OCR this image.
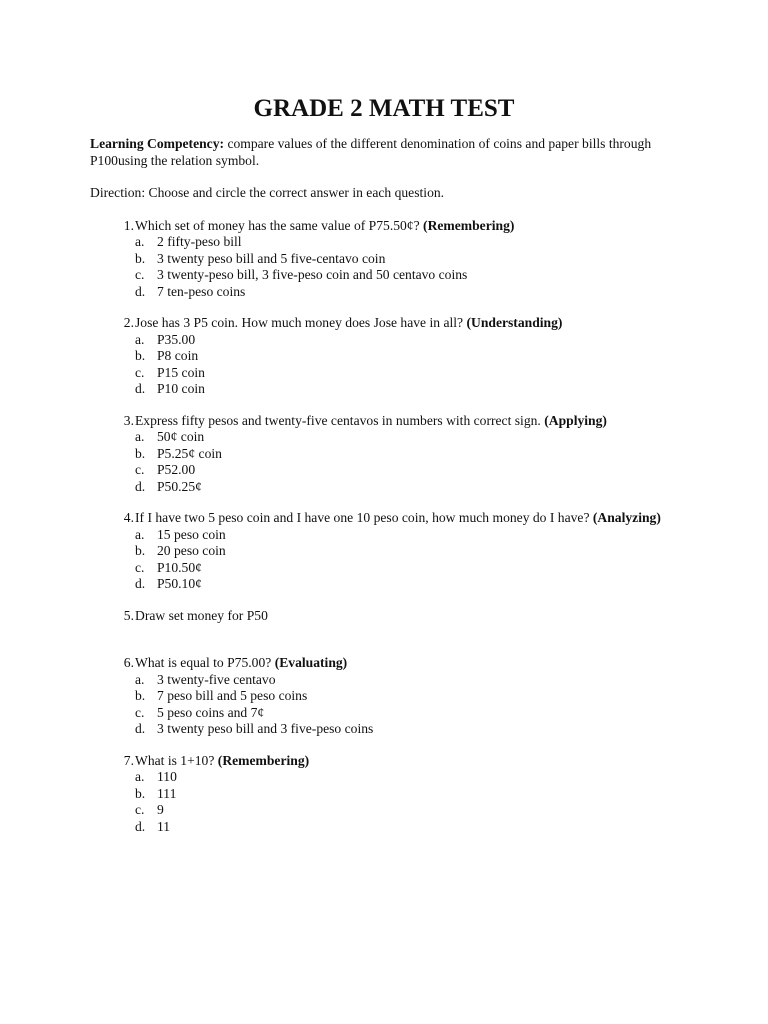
GRADE 2 MATH TEST

Learning Competency: compare values of the different denomination of coins and paper bills through P100using the relation symbol.

Direction: Choose and circle the correct answer in each question.

1. Which set of money has the same value of P75.50¢? (Remembering)
a. 2 fifty-peso bill
b. 3 twenty peso bill and 5 five-centavo coin
c. 3 twenty-peso bill, 3 five-peso coin and 50 centavo coins
d. 7 ten-peso coins
2. Jose has 3 P5 coin. How much money does Jose have in all? (Understanding)
a. P35.00
b. P8 coin
c. P15 coin
d. P10 coin
3. Express fifty pesos and twenty-five centavos in numbers with correct sign. (Applying)
a. 50¢ coin
b. P5.25¢ coin
c. P52.00
d. P50.25¢
4. If I have two 5 peso coin and I have one 10 peso coin, how much money do I have? (Analyzing)
a. 15 peso coin
b. 20 peso coin
c. P10.50¢
d. P50.10¢
5. Draw set money for P50
6. What is equal to P75.00? (Evaluating)
a. 3 twenty-five centavo
b. 7 peso bill and 5 peso coins
c. 5 peso coins and 7¢
d. 3 twenty peso bill and 3 five-peso coins
7. What is 1+10? (Remembering)
a. 110
b. 111
c. 9
d. 11
